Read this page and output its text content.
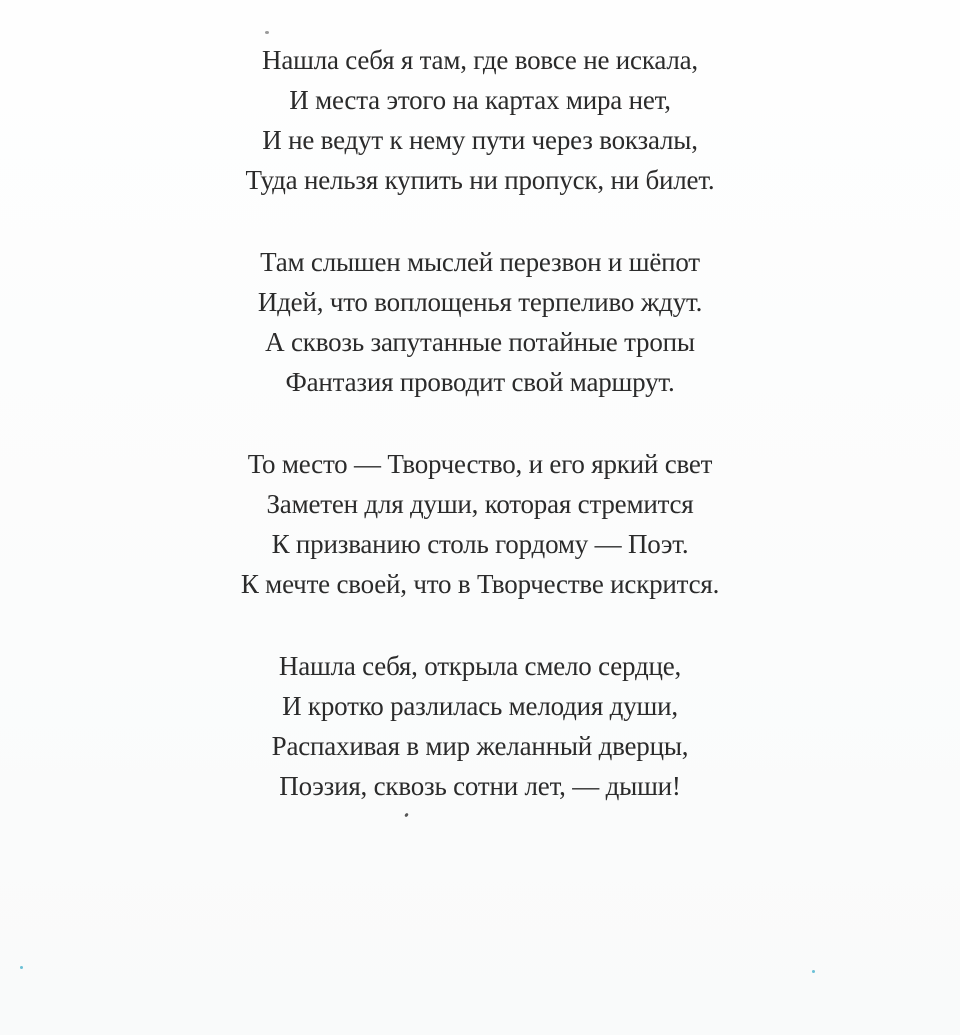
Нашла себя я там, где вовсе не искала,
И места этого на картах мира нет,
И не ведут к нему пути через вокзалы,
Туда нельзя купить ни пропуск, ни билет.
Там слышен мыслей перезвон и шёпот
Идей, что воплощенья терпеливо ждут.
А сквозь запутанные потайные тропы
Фантазия проводит свой маршрут.
То место — Творчество, и его яркий свет
Заметен для души, которая стремится
К призванию столь гордому — Поэт.
К мечте своей, что в Творчестве искрится.
Нашла себя, открыла смело сердце,
И кротко разлилась мелодия души,
Распахивая в мир желанный дверцы,
Поэзия, сквозь сотни лет, — дыши!
